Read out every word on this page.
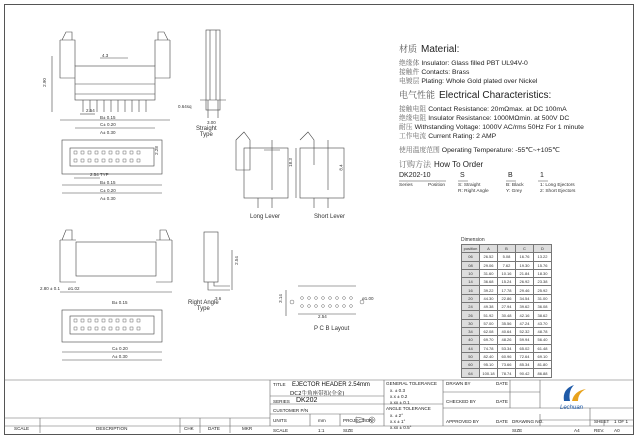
4.3
2.90
2.54
0.64sq
3.00
B± 0.15
C± 0.20
A± 0.30
2.28
2.54 TYP
B± 0.15
C± 0.20
A± 0.30
18.3
8.4
2.54
3.6
2.80 ± 0.1 ø1.02
B± 0.15
C± 0.20
A± 0.30
3.14	ø1.00
2.54
Straight
Type
Right Angle
Type
Long Lever	Short Lever
P C B Layout
材质 Material:
绝缘体 Insulator: Glass filled PBT UL94V-0
接触件 Contacts: Brass
电镀层 Plating: Whole Gold plated over Nickel
电气性能 Electrical Characteristics:
接触电阻 Contact Resistance: 20mΩmax. at DC 100mA
绝缘电阻 Insulator Resistance: 1000MΩmin. at 500V DC
耐压 Withstanding Voltage: 1000V AC/rms 50Hz For 1 minute
工作电流 Current Rating: 2 AMP
使用温度范围 Operating Temperature: -55℃~+105℃
订购方法 How To Order
DK202-10	S	B	1
Series	Position	S: Straight
R: Right Angle
B: Black
Y: Grey
1: Long Ejectors
2: Short Ejectors
Dimension
position	A	B	C	D
06	26.52	5.08	16.76	13.22
08	29.06	7.62	19.30	15.76
10	31.60	10.16	21.84	18.30
14	36.68	15.24	26.92	23.38
16	39.22	17.78	29.46	25.92
20	44.30	22.86	34.54	31.00
24	49.38	27.94	39.62	36.08
26	51.92	30.48	42.16	38.62
30	57.00	35.56	47.24	43.70
34	62.08	40.64	52.32	48.78
40	69.70	48.26	59.94	56.40
44	74.78	53.34	65.02	61.48
50	82.40	60.96	72.64	69.10
60	95.10	73.66	85.34	81.80
64	100.18	78.74	90.42	86.88
TITLE EJECTOR HEADER 2.54mm
DC2牛角座带扣(全金)
SERIES DK202
CUSTOMER P/N
UNITS	mm	PROJECTION
SCALE	1:1	SIZE
GENERAL TOLERANCE
x. ± 0.3
x.x ± 0.2
x.xx ± 0.1
ANGLE TOLERANCE
x. ± 2°
x.x ± 1°
x.xx ± 0.5°
DRAWN BY	DATE
CHECKED BY	DATE
APPROVED BY	DATE DRAWING NO.
SIZE	A4
SHEET 1 OF 1
REV. A0
Lechuan
SCALE	DESCRIPTION	CHK	DATE	MKR
